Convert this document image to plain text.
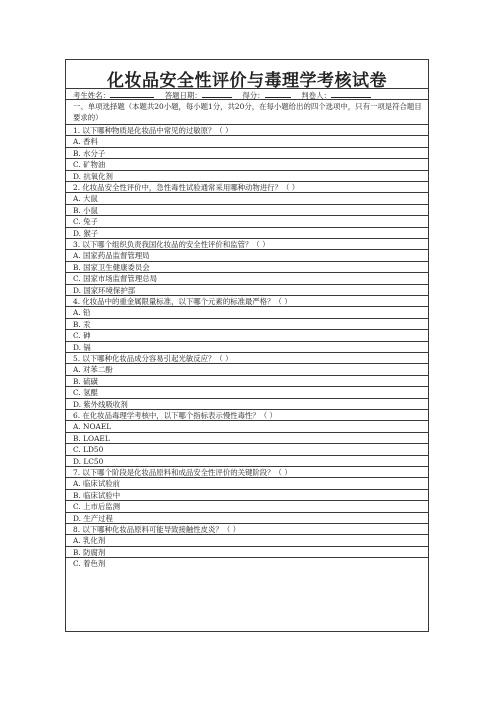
化妆品安全性评价与毒理学考核试卷
考生姓名：	答题日期：	得分：	判卷人：
一、单项选择题（本题共20小题，每小题1分，共20分，在每小题给出的四个选项中，只有一项是符合题目要求的）
1. 以下哪种物质是化妆品中常见的过敏原？（ ）
A. 香料
B. 水分子
C. 矿物油
D. 抗氧化剂
2. 化妆品安全性评价中，急性毒性试验通常采用哪种动物进行？（ ）
A. 大鼠
B. 小鼠
C. 兔子
D. 猴子
3. 以下哪个组织负责我国化妆品的安全性评价和监管？（ ）
A. 国家药品监督管理局
B. 国家卫生健康委员会
C. 国家市场监督管理总局
D. 国家环境保护部
4. 化妆品中的重金属限量标准，以下哪个元素的标准最严格？（ ）
A. 铅
B. 汞
C. 砷
D. 镉
5. 以下哪种化妆品成分容易引起光敏反应？（ ）
A. 对苯二酚
B. 硫磺
C. 氢醌
D. 紫外线吸收剂
6. 在化妆品毒理学考核中，以下哪个指标表示慢性毒性？（ ）
A. NOAEL
B. LOAEL
C. LD50
D. LC50
7. 以下哪个阶段是化妆品原料和成品安全性评价的关键阶段？（ ）
A. 临床试验前
B. 临床试验中
C. 上市后监测
D. 生产过程
8. 以下哪种化妆品原料可能导致接触性皮炎？（ ）
A. 乳化剂
B. 防腐剂
C. 着色剂
